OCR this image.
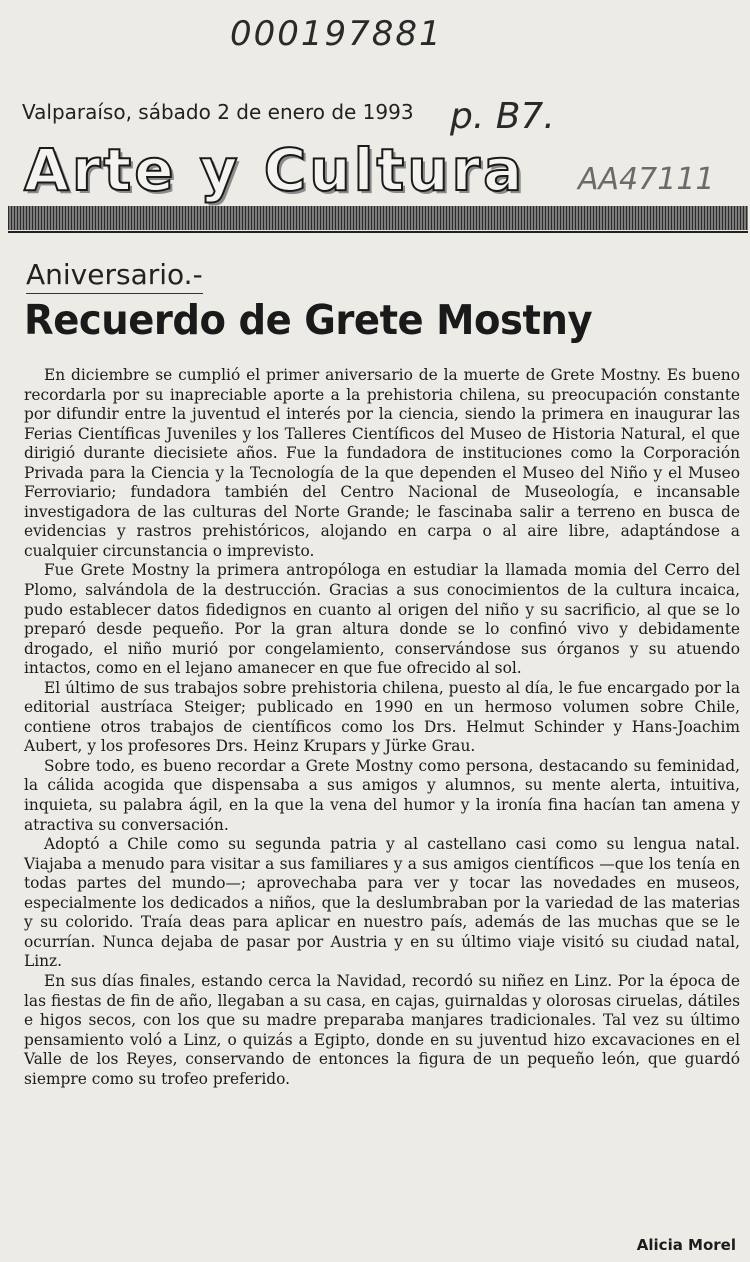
000197881
p. B7.
AA47111
Valparaíso, sábado 2 de enero de 1993
Arte y Cultura
Aniversario.-
Recuerdo de Grete Mostny

En diciembre se cumplió el primer aniversario de la muerte de Grete Mostny. Es bueno recordarla por su inapreciable aporte a la prehistoria chilena, su preocupación constante por difundir entre la juventud el interés por la ciencia, siendo la primera en inaugurar las Ferias Científicas Juveniles y los Talleres Científicos del Museo de Historia Natural, el que dirigió durante diecisiete años. Fue la fundadora de instituciones como la Corporación Privada para la Ciencia y la Tecnología de la que dependen el Museo del Niño y el Museo Ferroviario; fundadora también del Centro Nacional de Museología, e incansable investigadora de las culturas del Norte Grande; le fascinaba salir a terreno en busca de evidencias y rastros prehistóricos, alojando en carpa o al aire libre, adaptándose a cualquier circunstancia o imprevisto.

Fue Grete Mostny la primera antropóloga en estudiar la llamada momia del Cerro del Plomo, salvándola de la destrucción. Gracias a sus conocimientos de la cultura incaica, pudo establecer datos fidedignos en cuanto al origen del niño y su sacrificio, al que se lo preparó desde pequeño. Por la gran altura donde se lo confinó vivo y debidamente drogado, el niño murió por congelamiento, conservándose sus órganos y su atuendo intactos, como en el lejano amanecer en que fue ofrecido al sol.

El último de sus trabajos sobre prehistoria chilena, puesto al día, le fue encargado por la editorial austríaca Steiger; publicado en 1990 en un hermoso volumen sobre Chile, contiene otros trabajos de científicos como los Drs. Helmut Schinder y Hans-Joachim Aubert, y los profesores Drs. Heinz Krupars y Jürke Grau.

Sobre todo, es bueno recordar a Grete Mostny como persona, destacando su feminidad, la cálida acogida que dispensaba a sus amigos y alumnos, su mente alerta, intuitiva, inquieta, su palabra ágil, en la que la vena del humor y la ironía fina hacían tan amena y atractiva su conversación.

Adoptó a Chile como su segunda patria y al castellano casi como su lengua natal. Viajaba a menudo para visitar a sus familiares y a sus amigos científicos —que los tenía en todas partes del mundo—; aprovechaba para ver y tocar las novedades en museos, especialmente los dedicados a niños, que la deslumbraban por la variedad de las materias y su colorido. Traía deas para aplicar en nuestro país, además de las muchas que se le ocurrían. Nunca dejaba de pasar por Austria y en su último viaje visitó su ciudad natal, Linz.

En sus días finales, estando cerca la Navidad, recordó su niñez en Linz. Por la época de las fiestas de fin de año, llegaban a su casa, en cajas, guirnaldas y olorosas ciruelas, dátiles e higos secos, con los que su madre preparaba manjares tradicionales. Tal vez su último pensamiento voló a Linz, o quizás a Egipto, donde en su juventud hizo excavaciones en el Valle de los Reyes, conservando de entonces la figura de un pequeño león, que guardó siempre como su trofeo preferido.

Alicia Morel
